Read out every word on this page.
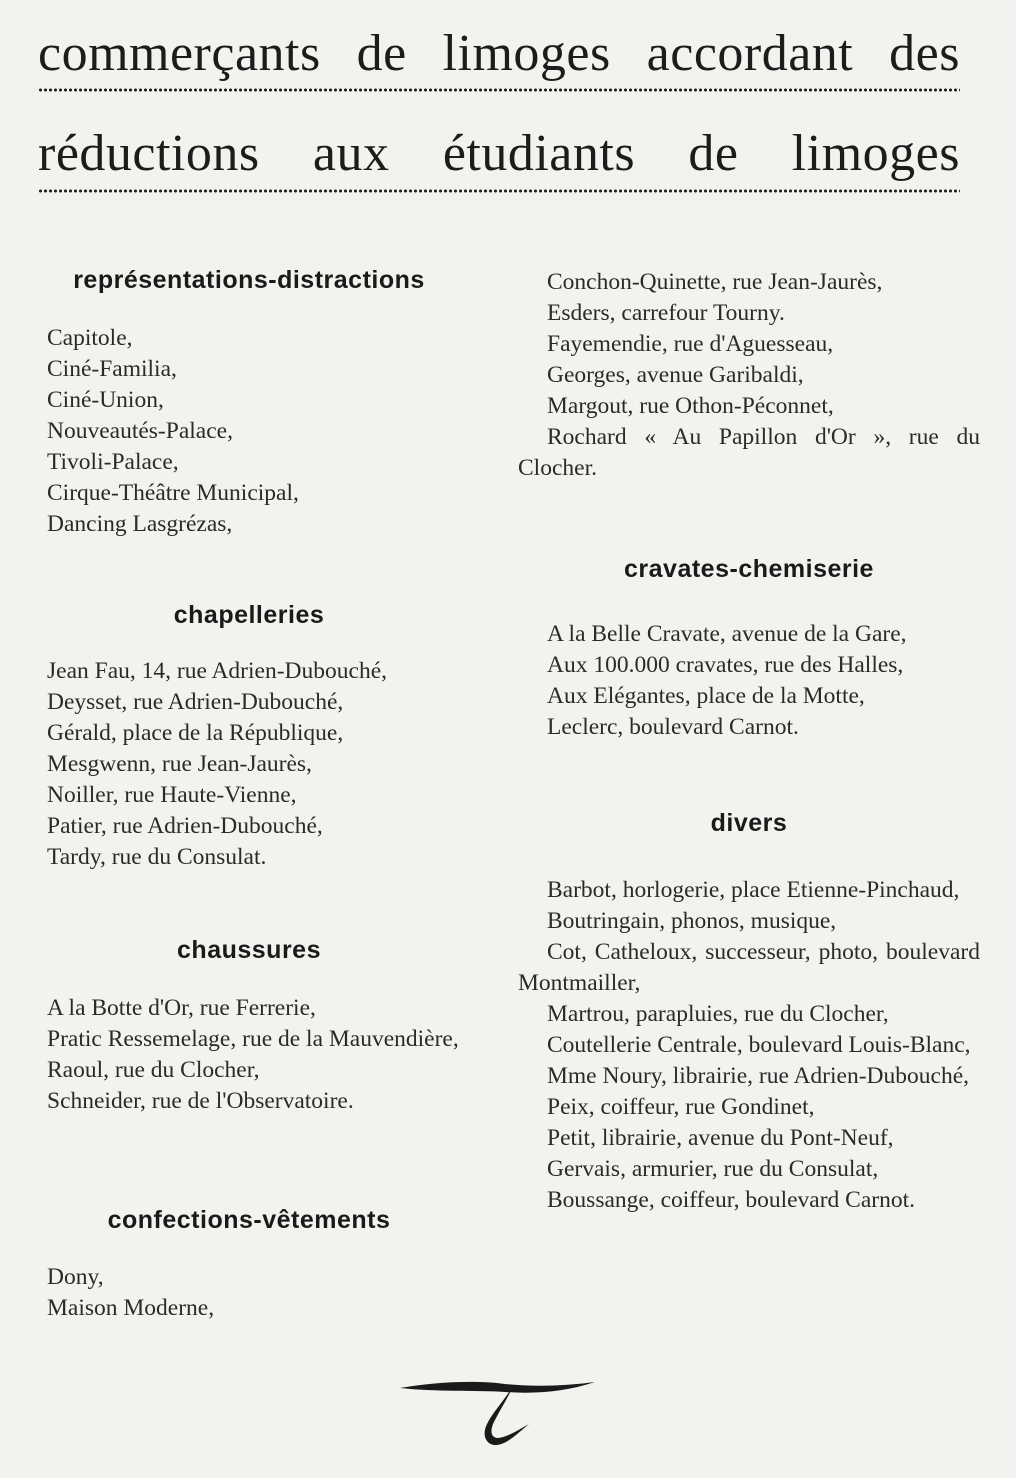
commerçants de limoges accordant des
réductions aux étudiants de limoges
représentations-distractions
Capitole,
Ciné-Familia,
Ciné-Union,
Nouveautés-Palace,
Tivoli-Palace,
Cirque-Théâtre Municipal,
Dancing Lasgrézas,
chapelleries
Jean Fau, 14, rue Adrien-Dubouché,
Deysset, rue Adrien-Dubouché,
Gérald, place de la République,
Mesgwenn, rue Jean-Jaurès,
Noiller, rue Haute-Vienne,
Patier, rue Adrien-Dubouché,
Tardy, rue du Consulat.
chaussures
A la Botte d'Or, rue Ferrerie,
Pratic Ressemelage, rue de la Mauvendière,
Raoul, rue du Clocher,
Schneider, rue de l'Observatoire.
confections-vêtements
Dony,
Maison Moderne,
Conchon-Quinette, rue Jean-Jaurès,
Esders, carrefour Tourny.
Fayemendie, rue d'Aguesseau,
Georges, avenue Garibaldi,
Margout, rue Othon-Péconnet,
Rochard « Au Papillon d'Or », rue du Clocher.
cravates-chemiserie
A la Belle Cravate, avenue de la Gare,
Aux 100.000 cravates, rue des Halles,
Aux Elégantes, place de la Motte,
Leclerc, boulevard Carnot.
divers
Barbot, horlogerie, place Etienne-Pinchaud,
Boutringain, phonos, musique,
Cot, Catheloux, successeur, photo, boulevard Montmailler,
Martrou, parapluies, rue du Clocher,
Coutellerie Centrale, boulevard Louis-Blanc,
Mme Noury, librairie, rue Adrien-Dubouché,
Peix, coiffeur, rue Gondinet,
Petit, librairie, avenue du Pont-Neuf,
Gervais, armurier, rue du Consulat,
Boussange, coiffeur, boulevard Carnot.
